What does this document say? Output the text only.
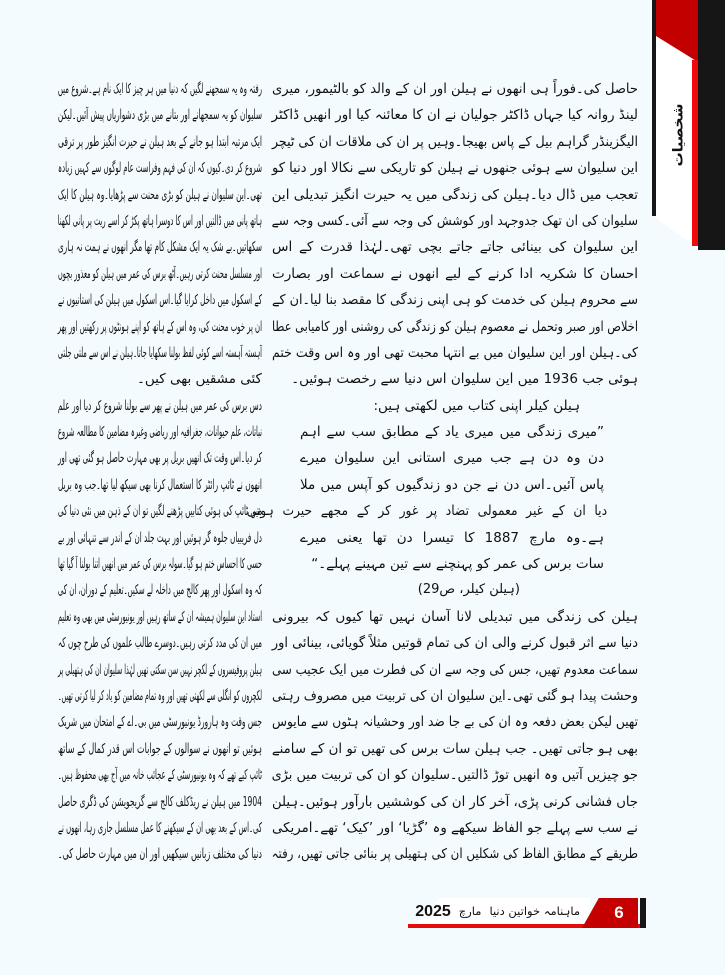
شخصیات
حاصل کی۔فوراً ہی انھوں نے ہیلن اور ان کے والد کو بالٹیمور، میری
لینڈ روانہ کیا جہاں ڈاکٹر جولیان نے ان کا معائنہ کیا اور انھیں ڈاکٹر
الیگزینڈر گراہم بیل کے پاس بھیجا۔وہیں پر ان کی ملاقات ان کی ٹیچر
این سلیوان سے ہوئی جنھوں نے ہیلن کو تاریکی سے نکالا اور دنیا کو
تعجب میں ڈال دیا۔ہیلن کی زندگی میں یہ حیرت انگیز تبدیلی این
سلیوان کی ان تھک جدوجہد اور کوشش کی وجہ سے آئی۔کسی وجہ سے
این سلیوان کی بینائی جاتے جاتے بچی تھی۔لہٰذا قدرت کے اس
احسان کا شکریہ ادا کرنے کے لیے انھوں نے سماعت اور بصارت
سے محروم ہیلن کی خدمت کو ہی اپنی زندگی کا مقصد بنا لیا۔ان کے
اخلاص اور صبر وتحمل نے معصوم ہیلن کو زندگی کی روشنی اور کامیابی عطا
کی۔ہیلن اور این سلیوان میں بے انتہا محبت تھی اور وہ اس وقت ختم
ہوئی جب 1936 میں این سلیوان اس دنیا سے رخصت ہوئیں۔
ہیلن کیلر اپنی کتاب میں لکھتی ہیں:
”میری زندگی میں میری یاد کے مطابق سب سے اہم
دن وہ دن ہے جب میری استانی این سلیوان میرے
پاس آئیں۔اس دن نے جن دو زندگیوں کو آپس میں ملا
دیا ان کے غیر معمولی تضاد پر غور کر کے مجھے حیرت ہوتی
ہے۔وہ مارچ 1887 کا تیسرا دن تھا یعنی میرے
سات برس کی عمر کو پہنچنے سے تین مہینے پہلے۔“
(ہیلن کیلر، ص29)
ہیلن کی زندگی میں تبدیلی لانا آسان نہیں تھا کیوں کہ بیرونی
دنیا سے اثر قبول کرنے والی ان کی تمام قوتیں مثلاً گویائی، بینائی اور
سماعت معدوم تھیں، جس کی وجہ سے ان کی فطرت میں ایک عجیب سی
وحشت پیدا ہو گئی تھی۔این سلیوان ان کی تربیت میں مصروف رہتی
تھیں لیکن بعض دفعہ وہ ان کی بے جا ضد اور وحشیانہ ہٹوں سے مایوس
بھی ہو جاتی تھیں۔ جب ہیلن سات برس کی تھیں تو ان کے سامنے
جو چیزیں آتیں وہ انھیں توڑ ڈالتیں۔سلیوان کو ان کی تربیت میں بڑی
جاں فشانی کرنی پڑی، آخر کار ان کی کوششیں بارآور ہوئیں۔ہیلن
نے سب سے پہلے جو الفاظ سیکھے وہ ’گڑیا‘ اور ’کیک‘ تھے۔امریکی
طریقے کے مطابق الفاظ کی شکلیں ان کی ہتھیلی پر بنائی جاتی تھیں، رفتہ
رفتہ وہ یہ سمجھنے لگیں کہ دنیا میں ہر چیز کا ایک نام ہے۔شروع میں
سلیوان کو یہ سمجھانے اور بتانے میں بڑی دشواریاں پیش آئیں۔لیکن
ایک مرتبہ ابتدا ہو جانے کے بعد ہیلن نے حیرت انگیز طور پر ترقی
شروع کر دی۔کیوں کہ ان کی فہم وفراست عام لوگوں سے کہیں زیادہ
تھی۔این سلیوان نے ہیلن کو بڑی محنت سے پڑھایا۔وہ ہیلن کا ایک
ہاتھ پانی میں ڈالتیں اور اس کا دوسرا ہاتھ پکڑ کر اسے ریت پر پانی لکھنا
سکھاتیں۔بے شک یہ ایک مشکل کام تھا مگر انھوں نے ہمت نہ ہاری
اور مسلسل محنت کرتی رہیں۔آٹھ برس کی عمر میں ہیلن کو معذور بچوں
کے اسکول میں داخل کرایا گیا۔اس اسکول میں ہیلن کی استانیوں نے
ان پر خوب محنت کی، وہ اس کے ہاتھ کو اپنے ہونٹوں پر رکھتیں اور پھر
آہستہ آہستہ اسے کوئی لفظ بولنا سکھایا جاتا۔ہیلن نے اس سے ملتی جلتی
کئی مشقیں بھی کیں۔
دس برس کی عمر میں ہیلن نے پھر سے بولنا شروع کر دیا اور علم
نباتات، علم حیوانات، جغرافیہ اور ریاضی وغیرہ مضامین کا مطالعہ شروع
کر دیا۔اس وقت تک انھیں بریل پر بھی مہارت حاصل ہو گئی تھی اور
انھوں نے ٹائپ رائٹر کا استعمال کرنا بھی سیکھ لیا تھا۔جب وہ بریل
میں ٹائپ کی ہوئی کتابیں پڑھنے لگیں تو ان کے ذہن میں نئی دنیا کی
دل فریبیاں جلوہ گر ہوئیں اور بہت جلد ان کے اندر سے تنہائی اور بے
حسی کا احساس ختم ہو گیا۔سولہ برس کی عمر میں انھیں اتنا بولنا آ گیا تھا
کہ وہ اسکول اور پھر کالج میں داخلہ لے سکیں۔تعلیم کے دوران، ان کی
استاد این سلیوان ہمیشہ ان کے ساتھ رہیں اور یونیورسٹی میں بھی وہ تعلیم
میں ان کی مدد کرتی رہیں۔دوسرے طالب علموں کی طرح چوں کہ
ہیلن پروفیسروں کے لکچر نہیں سن سکتی تھیں لہٰذا سلیوان ان کی ہتھیلی پر
لکچروں کو انگلی سے لکھتی تھیں اور وہ تمام مضامین کو یاد کر لیا کرتی تھیں۔
جس وقت وہ ہارورڈ یونیورسٹی میں بی۔اے کے امتحان میں شریک
ہوئیں تو انھوں نے سوالوں کے جوابات اس قدر کمال کے ساتھ
ٹائپ کیے تھے کہ وہ یونیورسٹی کے عجائب خانہ میں آج بھی محفوظ ہیں۔
1904 میں ہیلن نے ریڈکلف کالج سے گریجویشن کی ڈگری حاصل
کی۔اس کے بعد بھی ان کے سیکھنے کا عمل مسلسل جاری رہا، انھوں نے
دنیا کی مختلف زبانیں سیکھیں اور ان میں مہارت حاصل کی۔
6
ماہنامہ خواتین دنیا
مارچ
2025
